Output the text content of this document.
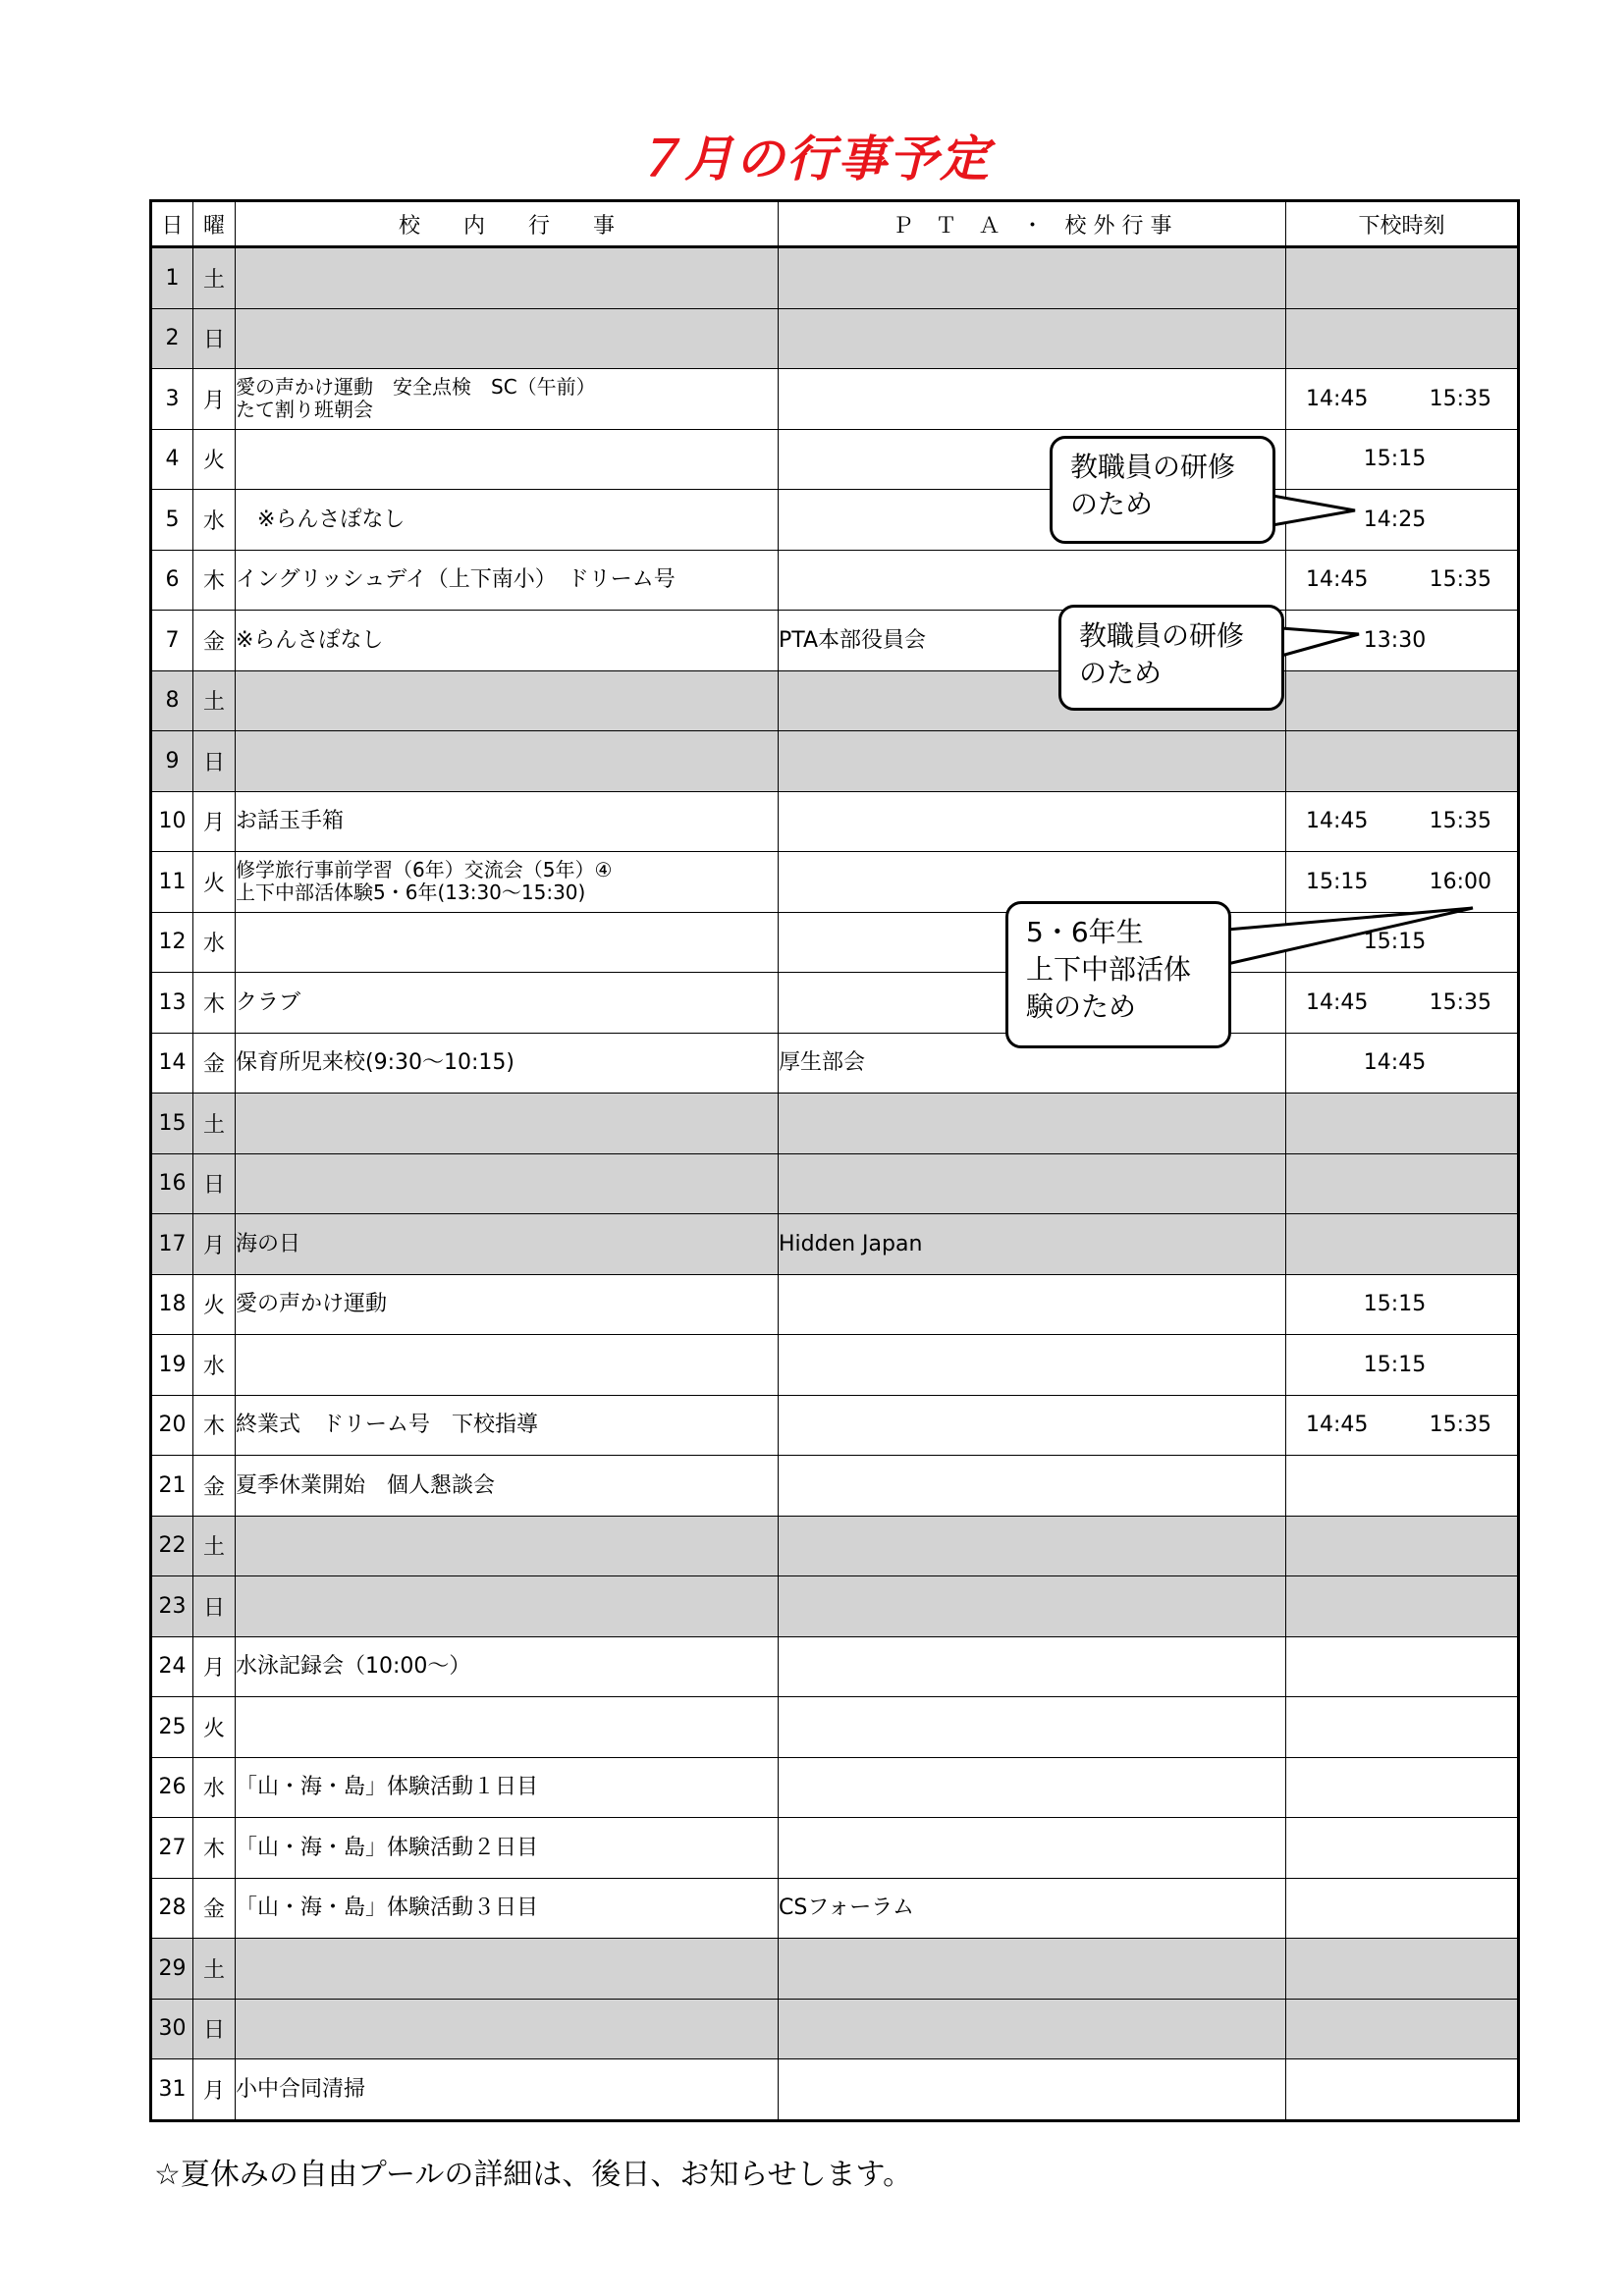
７月の行事予定
日	曜	校　　内　　行　　事	Ｐ　Ｔ　Ａ　・　校 外 行 事	下校時刻
1	土			
2	日			
3	月	愛の声かけ運動　安全点検　SC（午前）
たて割り班朝会		14:45 15:35

4	火			15:15

5	水	　※らんさぽなし		14:25

6	木	イングリッシュデイ（上下南小）　ドリーム号		14:45 15:35

7	金	※らんさぽなし	PTA本部役員会	13:30

8	土			
9	日			
10	月	お話玉手箱		14:45 15:35

11	火	修学旅行事前学習（6年）交流会（5年）④
上下中部活体験5・6年(13:30～15:30)		15:15 16:00

12	水			15:15

13	木	クラブ		14:45 15:35

14	金	保育所児来校(9:30～10:15)	厚生部会	14:45

15	土			
16	日			
17	月	海の日	Hidden Japan	
18	火	愛の声かけ運動		15:15

19	水			15:15

20	木	終業式　ドリーム号　下校指導		14:45 15:35

21	金	夏季休業開始　個人懇談会		
22	土			
23	日			
24	月	水泳記録会（10:00～）		
25	火			
26	水	「山・海・島」体験活動１日目		
27	木	「山・海・島」体験活動２日目		
28	金	「山・海・島」体験活動３日目	CSフォーラム	
29	土			
30	日			
31	月	小中合同清掃		
教職員の研修
のため
教職員の研修
のため
5・6年生
上下中部活体
験のため
☆夏休みの自由プールの詳細は、後日、お知らせします。
